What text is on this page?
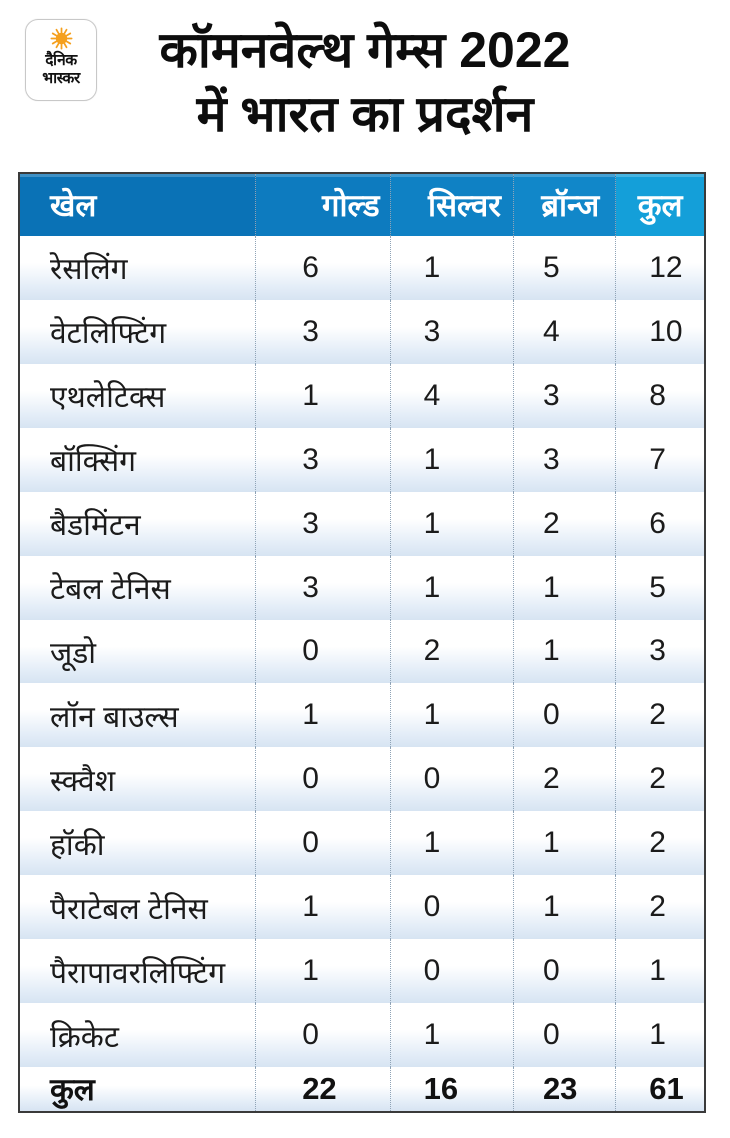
दैनिक
भास्कर	कॉमनवेल्थ गेम्स 2022
में भारत का प्रदर्शन
खेल	गोल्ड	सिल्वर	ब्रॉन्ज	कुल
रेसलिंग	6	1	5	12
वेटलिफ्टिंग	3	3	4	10
एथलेटिक्स	1	4	3	8
बॉक्सिंग	3	1	3	7
बैडमिंटन	3	1	2	6
टेबल टेनिस	3	1	1	5
जूडो	0	2	1	3
लॉन बाउल्स	1	1	0	2
स्क्वैश	0	0	2	2
हॉकी	0	1	1	2
पैराटेबल टेनिस	1	0	1	2
पैरापावरलिफ्टिंग	1	0	0	1
क्रिकेट	0	1	0	1
कुल	22	16	23	61
